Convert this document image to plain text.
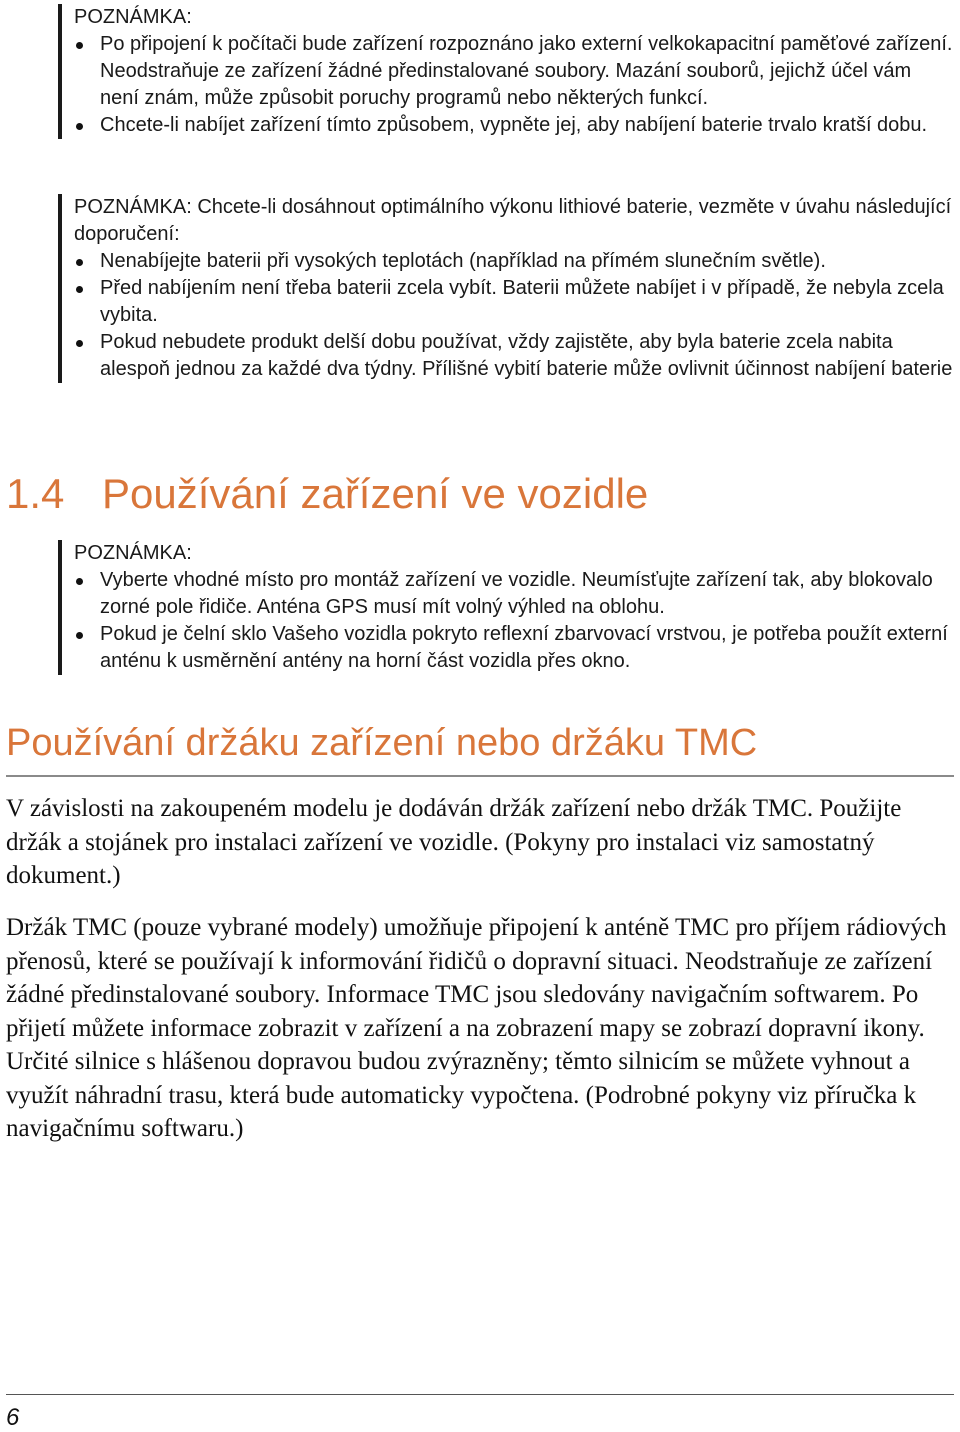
POZNÁMKA:
Po připojení k počítači bude zařízení rozpoznáno jako externí velkokapacitní paměťové zařízení. Neodstraňuje ze zařízení žádné předinstalované soubory. Mazání souborů, jejichž účel vám není znám, může způsobit poruchy programů nebo některých funkcí.
Chcete-li nabíjet zařízení tímto způsobem, vypněte jej, aby nabíjení baterie trvalo kratší dobu.
POZNÁMKA: Chcete-li dosáhnout optimálního výkonu lithiové baterie, vezměte v úvahu následující doporučení:
Nenabíjejte baterii při vysokých teplotách (například na přímém slunečním světle).
Před nabíjením není třeba baterii zcela vybít. Baterii můžete nabíjet i v případě, že nebyla zcela vybita.
Pokud nebudete produkt delší dobu používat, vždy zajistěte, aby byla baterie zcela nabita alespoň jednou za každé dva týdny. Přílišné vybití baterie může ovlivnit účinnost nabíjení baterie
1.4 Používání zařízení ve vozidle
POZNÁMKA:
Vyberte vhodné místo pro montáž zařízení ve vozidle. Neumísťujte zařízení tak, aby blokovalo zorné pole řidiče. Anténa GPS musí mít volný výhled na oblohu.
Pokud je čelní sklo Vašeho vozidla pokryto reflexní zbarvovací vrstvou, je potřeba použít externí anténu k usměrnění antény na horní část vozidla přes okno.
Používání držáku zařízení nebo držáku TMC

V závislosti na zakoupeném modelu je dodáván držák zařízení nebo držák TMC. Použijte držák a stojánek pro instalaci zařízení ve vozidle. (Pokyny pro instalaci viz samostatný dokument.)

Držák TMC (pouze vybrané modely) umožňuje připojení k anténě TMC pro příjem rádiových přenosů, které se používají k informování řidičů o dopravní situaci. Neodstraňuje ze zařízení žádné předinstalované soubory. Informace TMC jsou sledovány navigačním softwarem. Po přijetí můžete informace zobrazit v zařízení a na zobrazení mapy se zobrazí dopravní ikony. Určité silnice s hlášenou dopravou budou zvýrazněny; těmto silnicím se můžete vyhnout a využít náhradní trasu, která bude automaticky vypočtena. (Podrobné pokyny viz příručka k navigačnímu softwaru.)

6
